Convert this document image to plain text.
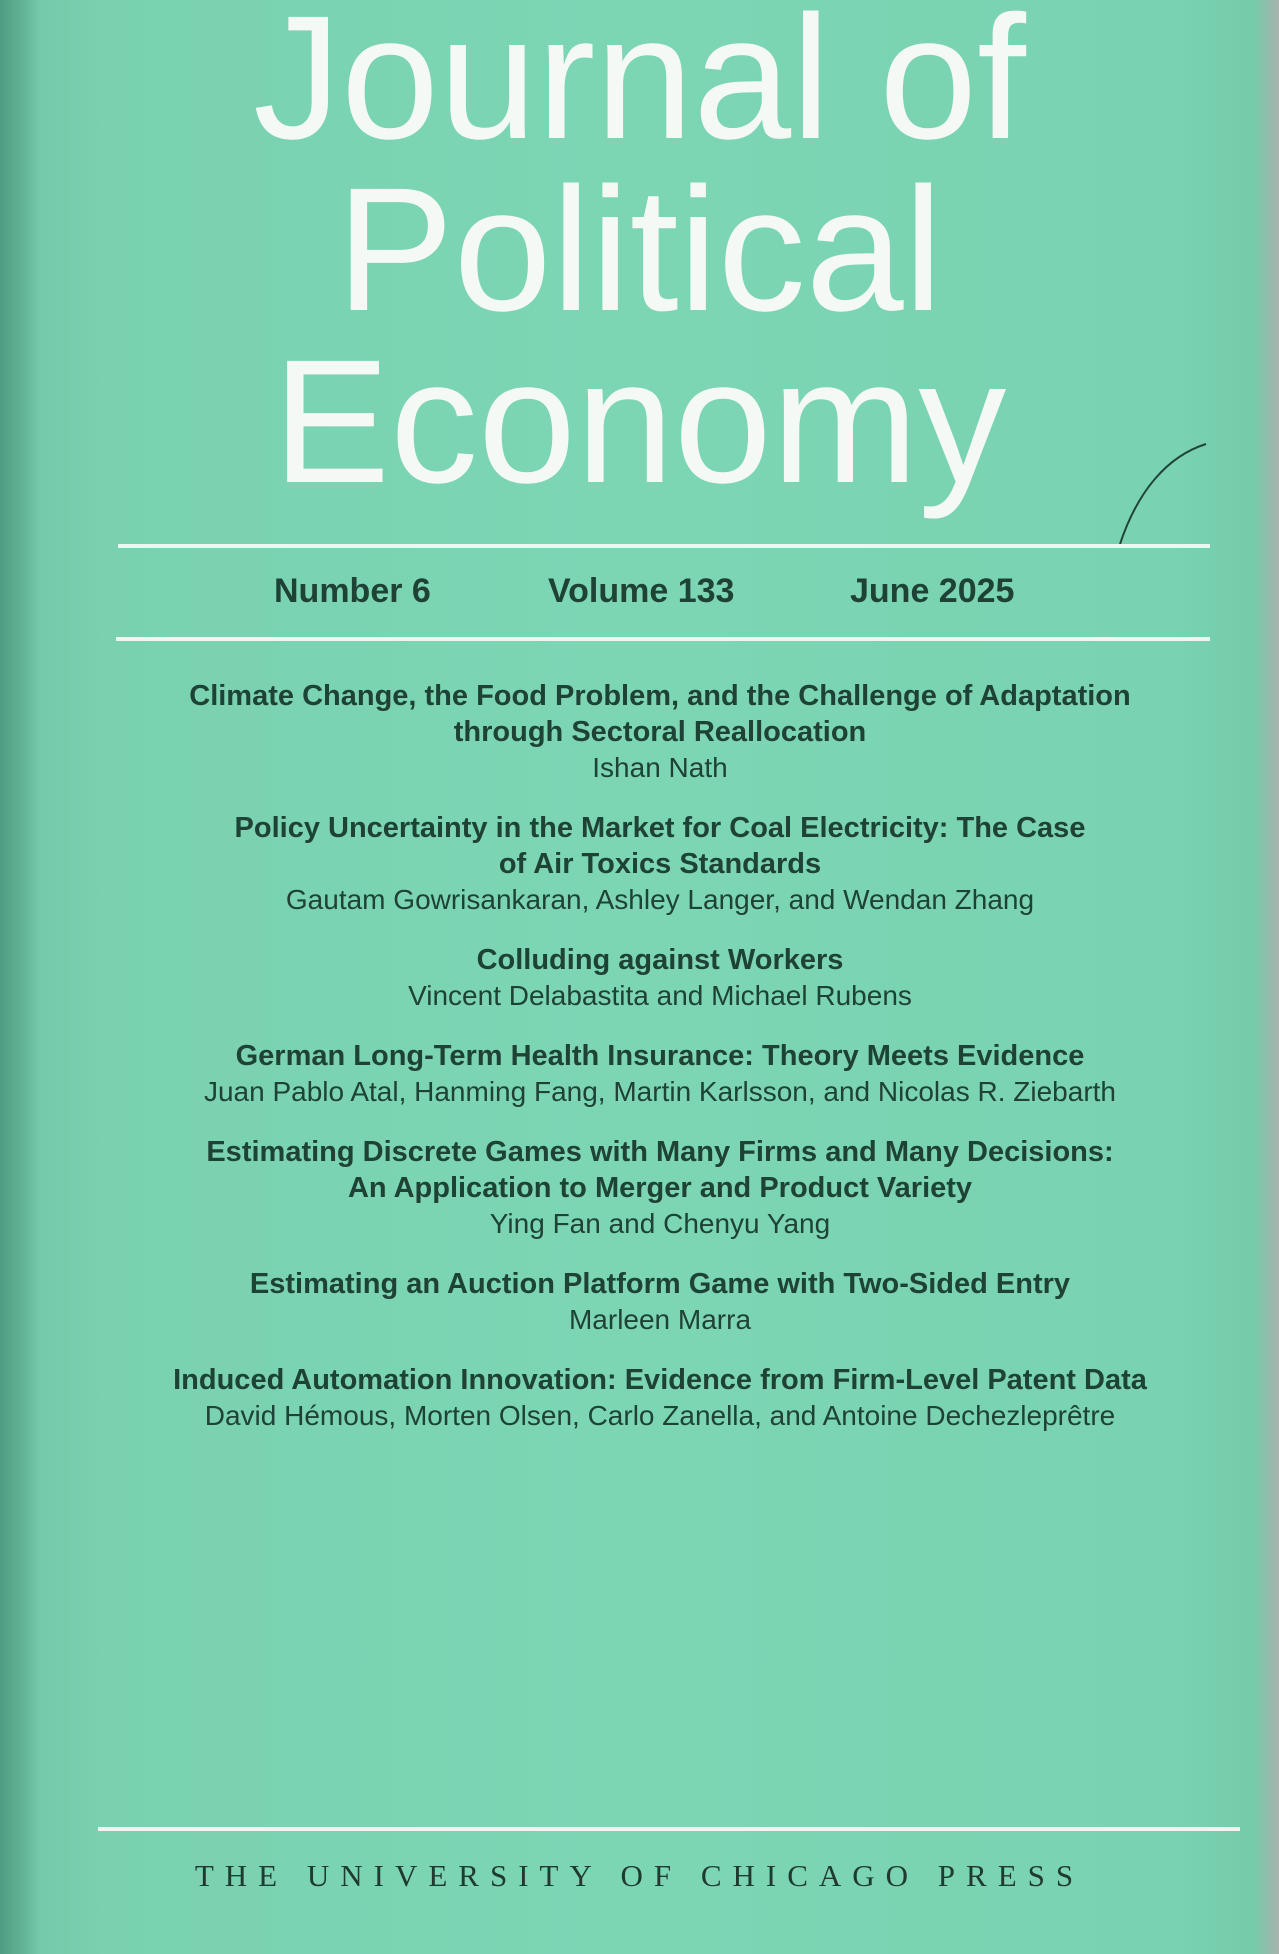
Journal of
Political
Economy
Number 6	Volume 133	June 2025
Climate Change, the Food Problem, and the Challenge of Adaptation
through Sectoral Reallocation
Ishan Nath
Policy Uncertainty in the Market for Coal Electricity: The Case
of Air Toxics Standards
Gautam Gowrisankaran, Ashley Langer, and Wendan Zhang
Colluding against Workers
Vincent Delabastita and Michael Rubens
German Long-Term Health Insurance: Theory Meets Evidence
Juan Pablo Atal, Hanming Fang, Martin Karlsson, and Nicolas R. Ziebarth
Estimating Discrete Games with Many Firms and Many Decisions:
An Application to Merger and Product Variety
Ying Fan and Chenyu Yang
Estimating an Auction Platform Game with Two-Sided Entry
Marleen Marra
Induced Automation Innovation: Evidence from Firm-Level Patent Data
David Hémous, Morten Olsen, Carlo Zanella, and Antoine Dechezleprêtre
THE UNIVERSITY OF CHICAGO PRESS
